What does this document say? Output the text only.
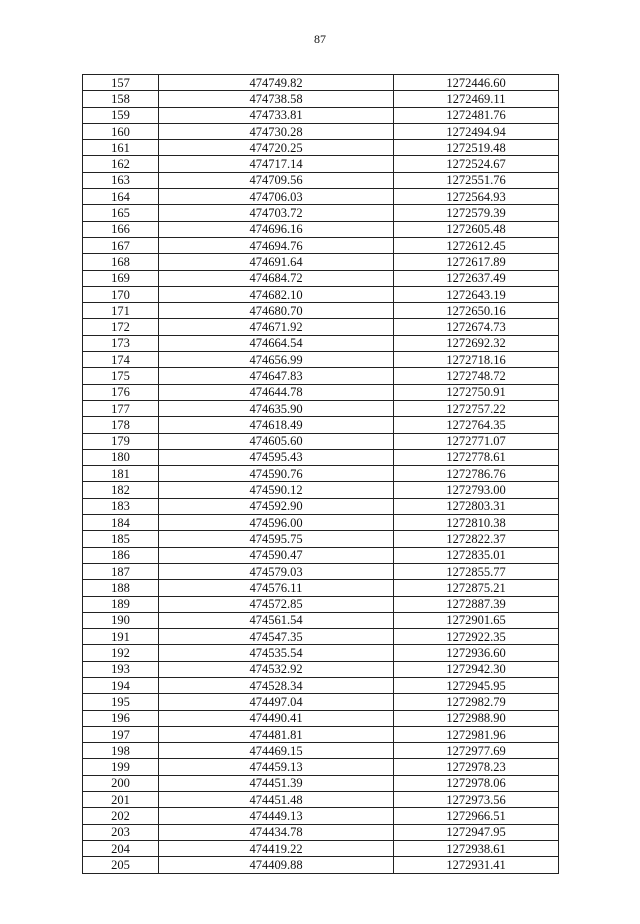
87
157	474749.82	1272446.60
158	474738.58	1272469.11
159	474733.81	1272481.76
160	474730.28	1272494.94
161	474720.25	1272519.48
162	474717.14	1272524.67
163	474709.56	1272551.76
164	474706.03	1272564.93
165	474703.72	1272579.39
166	474696.16	1272605.48
167	474694.76	1272612.45
168	474691.64	1272617.89
169	474684.72	1272637.49
170	474682.10	1272643.19
171	474680.70	1272650.16
172	474671.92	1272674.73
173	474664.54	1272692.32
174	474656.99	1272718.16
175	474647.83	1272748.72
176	474644.78	1272750.91
177	474635.90	1272757.22
178	474618.49	1272764.35
179	474605.60	1272771.07
180	474595.43	1272778.61
181	474590.76	1272786.76
182	474590.12	1272793.00
183	474592.90	1272803.31
184	474596.00	1272810.38
185	474595.75	1272822.37
186	474590.47	1272835.01
187	474579.03	1272855.77
188	474576.11	1272875.21
189	474572.85	1272887.39
190	474561.54	1272901.65
191	474547.35	1272922.35
192	474535.54	1272936.60
193	474532.92	1272942.30
194	474528.34	1272945.95
195	474497.04	1272982.79
196	474490.41	1272988.90
197	474481.81	1272981.96
198	474469.15	1272977.69
199	474459.13	1272978.23
200	474451.39	1272978.06
201	474451.48	1272973.56
202	474449.13	1272966.51
203	474434.78	1272947.95
204	474419.22	1272938.61
205	474409.88	1272931.41
